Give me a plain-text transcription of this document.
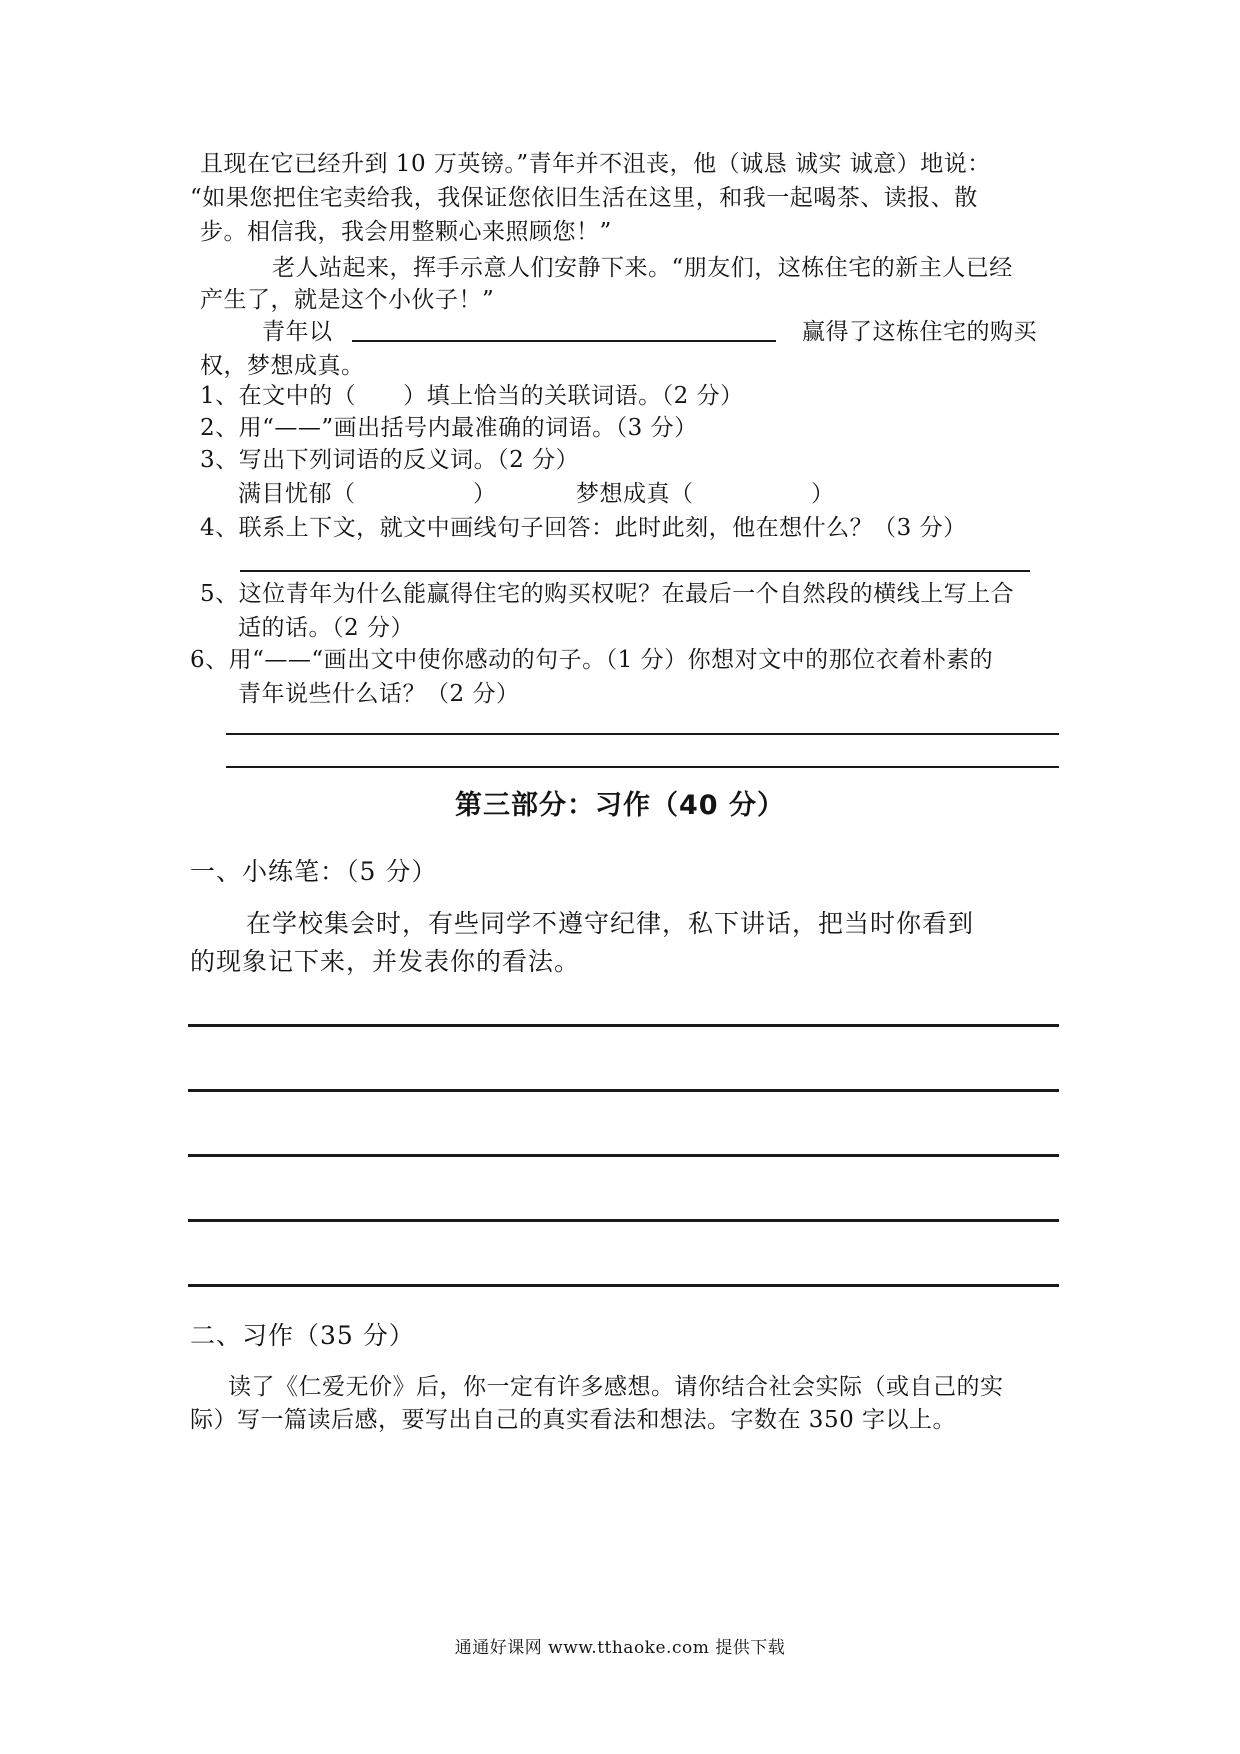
且现在它已经升到 10 万英镑。”青年并不沮丧，他（诚恳 诚实 诚意）地说：
“如果您把住宅卖给我，我保证您依旧生活在这里，和我一起喝茶、读报、散
步。相信我，我会用整颗心来照顾您！”
老人站起来，挥手示意人们安静下来。“朋友们，这栋住宅的新主人已经
产生了，就是这个小伙子！”
青年以	赢得了这栋住宅的购买
权，梦想成真。
1、在文中的（　　）填上恰当的关联词语。（2 分）
2、用“——”画出括号内最准确的词语。（3 分）
3、写出下列词语的反义词。（2 分）
满目忧郁（　　　　　）	梦想成真（　　　　　）
4、联系上下文，就文中画线句子回答：此时此刻，他在想什么？（3 分）
5、这位青年为什么能赢得住宅的购买权呢？在最后一个自然段的横线上写上合
适的话。（2 分）
6、用“——“画出文中使你感动的句子。（1 分）你想对文中的那位衣着朴素的
青年说些什么话？（2 分）
第三部分：习作（40 分）
一、小练笔：（5 分）
在学校集会时，有些同学不遵守纪律，私下讲话，把当时你看到
的现象记下来，并发表你的看法。
二、习作（35 分）
读了《仁爱无价》后，你一定有许多感想。请你结合社会实际（或自己的实
际）写一篇读后感，要写出自己的真实看法和想法。字数在 350 字以上。
通通好课网 www.tthaoke.com 提供下载
